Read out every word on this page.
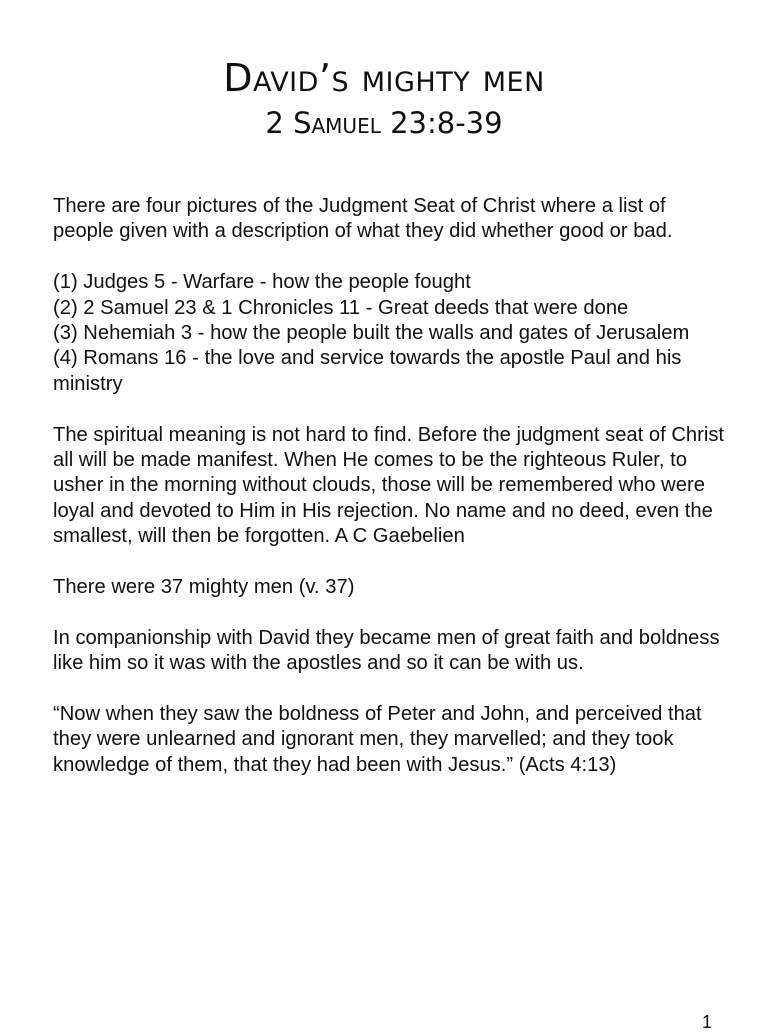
David’s mighty men
2 Samuel 23:8-39

There are four pictures of the Judgment Seat of Christ where a list of people given with a description of what they did whether good or bad.

(1) Judges 5 - Warfare - how the people fought

(2) 2 Samuel 23 & 1 Chronicles 11 - Great deeds that were done

(3) Nehemiah 3 - how the people built the walls and gates of Jerusalem

(4) Romans 16 - the love and service towards the apostle Paul and his ministry

The spiritual meaning is not hard to find. Before the judgment seat of Christ all will be made manifest. When He comes to be the righteous Ruler, to usher in the morning without clouds, those will be remembered who were loyal and devoted to Him in His rejection. No name and no deed, even the smallest, will then be forgotten. A C Gaebelien

There were 37 mighty men (v. 37)

In companionship with David they became men of great faith and boldness like him so it was with the apostles and so it can be with us.

“Now when they saw the boldness of Peter and John, and perceived that they were unlearned and ignorant men, they marvelled; and they took knowledge of them, that they had been with Jesus.” (Acts 4:13)

1
